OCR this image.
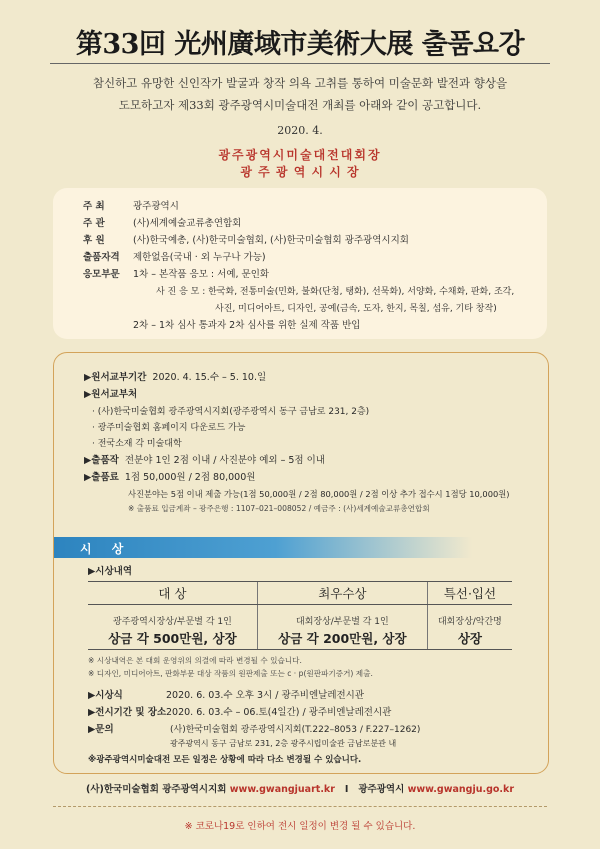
第33回 光州廣域市美術大展 출품요강
참신하고 유망한 신인작가 발굴과 창작 의욕 고취를 통하여 미술문화 발전과 향상을
도모하고자 제33회 광주광역시미술대전 개최를 아래와 같이 공고합니다.
2020. 4.
광주광역시미술대전대회장
광 주 광 역 시 시 장
주 최	광주광역시
주 관	(사)세계예술교류총연합회
후 원	(사)한국예총, (사)한국미술협회, (사)한국미술협회 광주광역시지회
출품자격 제한없음(국내 · 외 누구나 가능)
응모부문 1차 – 본작품 응모 : 서예, 문인화
사 진 응 모 : 한국화, 전통미술(민화, 불화(단청, 탱화), 선묵화), 서양화, 수채화, 판화, 조각,
사진, 미디어아트, 디자인, 공예(금속, 도자, 한지, 목칠, 섬유, 기타 창작)
2차 – 1차 심사 통과자 2차 심사를 위한 실제 작품 반입
▶원서교부기간 2020. 4. 15.수 – 5. 10.일
▶원서교부처
· (사)한국미술협회 광주광역시지회(광주광역시 동구 금남로 231, 2층)
· 광주미술협회 홈페이지 다운로드 가능
· 전국소재 각 미술대학
▶출품작 전분야 1인 2점 이내 / 사진분야 예외 – 5점 이내
▶출품료 1점 50,000원 / 2점 80,000원
사진분야는 5점 이내 제출 가능(1점 50,000원 / 2점 80,000원 / 2점 이상 추가 접수시 1점당 10,000원)
※ 출품료 입금계좌 – 광주은행 : 1107–021–008052 / 예금주 : (사)세계예술교류총연합회
시 상
▶시상내역
대 상	최우수상	특선·입선
광주광역시장상/부문별 각 1인	대회장상/부문별 각 1인	대회장상/악간명
상금 각 500만원, 상장	상금 각 200만원, 상장	상장
※ 시상내역은 본 대회 운영위의 의결에 따라 변경될 수 있습니다.
※ 디자인, 미디어아트, 판화부문 대상 작품의 원판제출 또는 c · p(원판파기증거) 제출.
▶시상식	2020. 6. 03.수 오후 3시 / 광주비엔날레전시관
▶전시기간 및 장소2020. 6. 03.수 – 06.토(4일간) / 광주비엔날레전시관
▶문의	(사)한국미술협회 광주광역시지회(T.222–8053 / F.227–1262)
광주광역시 동구 금남로 231, 2층 광주시립미술관 금남로분관 내
※광주광역시미술대전 모든 일정은 상황에 따라 다소 변경될 수 있습니다.
(사)한국미술협회 광주광역시지회 www.gwangjuart.kr I 광주광역시 www.gwangju.go.kr
※ 코로나19로 인하여 전시 일정이 변경 될 수 있습니다.
